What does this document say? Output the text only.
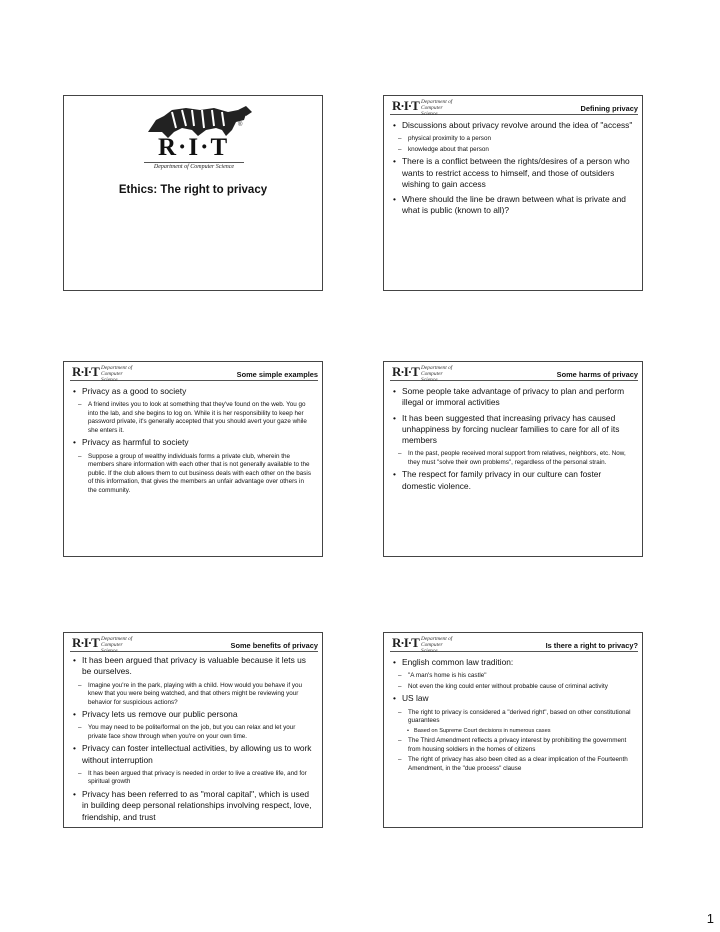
®
R·I·T
Department of Computer Science
Ethics: The right to privacy
R·I·T Department of
Computer Science
Defining privacy
• Discussions about privacy revolve around the idea of "access"
– physical proximity to a person
– knowledge about that person
• There is a conflict between the rights/desires of a person who wants to restrict access to himself, and those of outsiders wishing to gain access
• Where should the line be drawn between what is private and what is public (known to all)?
R·I·T Department of
Computer Science
Some simple examples
• Privacy as a good to society
– A friend invites you to look at something that they've found on the web. You go into the lab, and she begins to log on. While it is her responsibility to keep her password private, it's generally accepted that you should avert your gaze while she enters it.
• Privacy as harmful to society
– Suppose a group of wealthy individuals forms a private club, wherein the members share information with each other that is not generally available to the public. If the club allows them to cut business deals with each other on the basis of this information, that gives the members an unfair advantage over others in the community.
R·I·T Department of
Computer Science
Some harms of privacy
• Some people take advantage of privacy to plan and perform illegal or immoral activities
• It has been suggested that increasing privacy has caused unhappiness by forcing nuclear families to care for all of its members
– In the past, people received moral support from relatives, neighbors, etc. Now, they must "solve their own problems", regardless of the personal strain.
• The respect for family privacy in our culture can foster domestic violence.
R·I·T Department of
Computer Science
Some benefits of privacy
• It has been argued that privacy is valuable because it lets us be ourselves.
– Imagine you're in the park, playing with a child. How would you behave if you knew that you were being watched, and that others might be reviewing your behavior for suspicious actions?
• Privacy lets us remove our public persona
– You may need to be polite/formal on the job, but you can relax and let your private face show through when you're on your own time.
• Privacy can foster intellectual activities, by allowing us to work without interruption
– It has been argued that privacy is needed in order to live a creative life, and for spiritual growth
• Privacy has been referred to as "moral capital", which is used in building deep personal relationships involving respect, love, friendship, and trust
R·I·T Department of
Computer Science
Is there a right to privacy?
• English common law tradition:
– "A man's home is his castle"
– Not even the king could enter without probable cause of criminal activity
• US law
– The right to privacy is considered a "derived right", based on other constitutional guarantees
• Based on Supreme Court decisions in numerous cases
– The Third Amendment reflects a privacy interest by prohibiting the government from housing soldiers in the homes of citizens
– The right of privacy has also been cited as a clear implication of the Fourteenth Amendment, in the "due process" clause
1
